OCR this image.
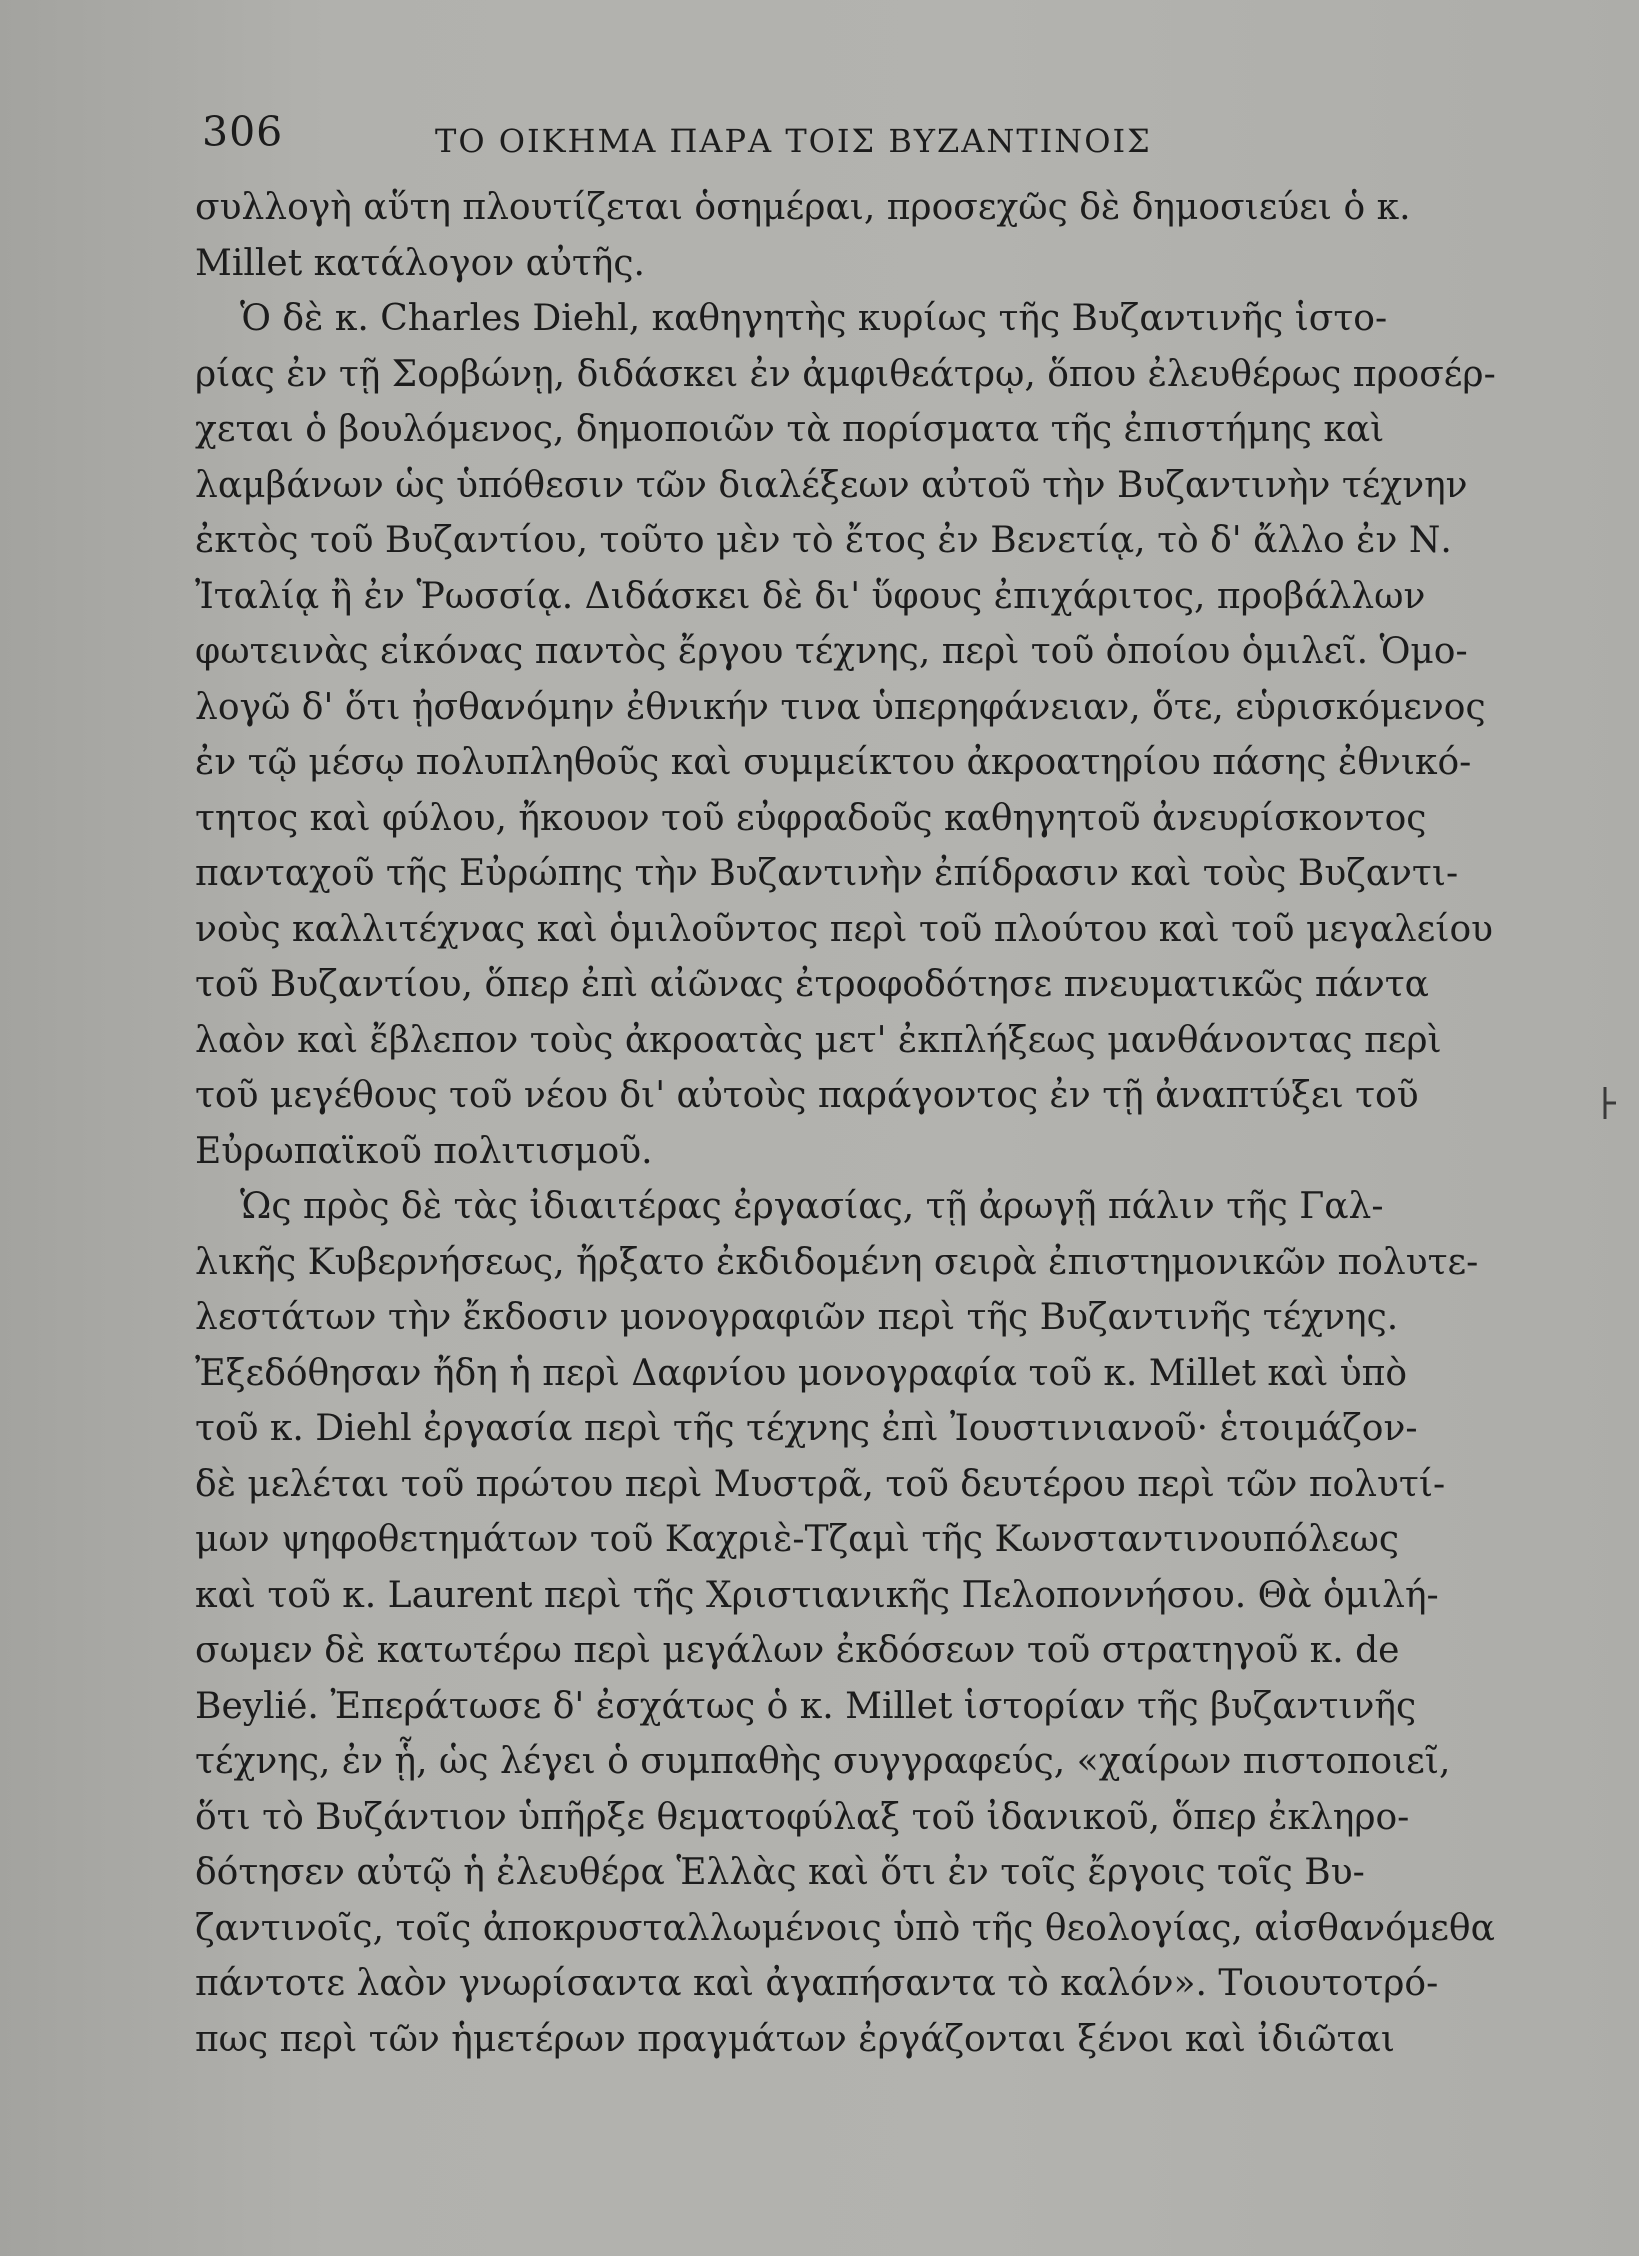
306	ΤΟ ΟΙΚΗΜΑ ΠΑΡΑ ΤΟΙΣ ΒΥΖΑΝΤΙΝΟΙΣ
συλλογὴ αὕτη πλουτίζεται ὁσημέραι, προσεχῶς δὲ δημοσιεύει ὁ κ.
Millet κατάλογον αὐτῆς.
Ὁ δὲ κ. Charles Diehl, καθηγητὴς κυρίως τῆς Βυζαντινῆς ἱστο-
ρίας ἐν τῇ Σορβώνῃ, διδάσκει ἐν ἀμφιθεάτρῳ, ὅπου ἐλευθέρως προσέρ-
χεται ὁ βουλόμενος, δημοποιῶν τὰ πορίσματα τῆς ἐπιστήμης καὶ
λαμβάνων ὡς ὑπόθεσιν τῶν διαλέξεων αὐτοῦ τὴν Βυζαντινὴν τέχνην
ἐκτὸς τοῦ Βυζαντίου, τοῦτο μὲν τὸ ἔτος ἐν Βενετίᾳ, τὸ δ' ἄλλο ἐν Ν.
Ἰταλίᾳ ἢ ἐν Ῥωσσίᾳ. Διδάσκει δὲ δι' ὕφους ἐπιχάριτος, προβάλλων
φωτεινὰς εἰκόνας παντὸς ἔργου τέχνης, περὶ τοῦ ὁποίου ὁμιλεῖ. Ὁμο-
λογῶ δ' ὅτι ᾐσθανόμην ἐθνικήν τινα ὑπερηφάνειαν, ὅτε, εὑρισκόμενος
ἐν τῷ μέσῳ πολυπληθοῦς καὶ συμμείκτου ἀκροατηρίου πάσης ἐθνικό-
τητος καὶ φύλου, ἤκουον τοῦ εὐφραδοῦς καθηγητοῦ ἀνευρίσκοντος
πανταχοῦ τῆς Εὐρώπης τὴν Βυζαντινὴν ἐπίδρασιν καὶ τοὺς Βυζαντι-
νοὺς καλλιτέχνας καὶ ὁμιλοῦντος περὶ τοῦ πλούτου καὶ τοῦ μεγαλείου
τοῦ Βυζαντίου, ὅπερ ἐπὶ αἰῶνας ἐτροφοδότησε πνευματικῶς πάντα
λαὸν καὶ ἔβλεπον τοὺς ἀκροατὰς μετ' ἐκπλήξεως μανθάνοντας περὶ
τοῦ μεγέθους τοῦ νέου δι' αὐτοὺς παράγοντος ἐν τῇ ἀναπτύξει τοῦ
Εὐρωπαϊκοῦ πολιτισμοῦ.
Ὡς πρὸς δὲ τὰς ἰδιαιτέρας ἐργασίας, τῇ ἀρωγῇ πάλιν τῆς Γαλ-
λικῆς Κυβερνήσεως, ἤρξατο ἐκδιδομένη σειρὰ ἐπιστημονικῶν πολυτε-
λεστάτων τὴν ἔκδοσιν μονογραφιῶν περὶ τῆς Βυζαντινῆς τέχνης.
Ἐξεδόθησαν ἤδη ἡ περὶ Δαφνίου μονογραφία τοῦ κ. Millet καὶ ὑπὸ
τοῦ κ. Diehl ἐργασία περὶ τῆς τέχνης ἐπὶ Ἰουστινιανοῦ· ἑτοιμάζον-
δὲ μελέται τοῦ πρώτου περὶ Μυστρᾶ, τοῦ δευτέρου περὶ τῶν πολυτί-
μων ψηφοθετημάτων τοῦ Καχριὲ-Τζαμὶ τῆς Κωνσταντινουπόλεως
καὶ τοῦ κ. Laurent περὶ τῆς Χριστιανικῆς Πελοποννήσου. Θὰ ὁμιλή-
σωμεν δὲ κατωτέρω περὶ μεγάλων ἐκδόσεων τοῦ στρατηγοῦ κ. de
Beylié. Ἐπεράτωσε δ' ἐσχάτως ὁ κ. Millet ἱστορίαν τῆς βυζαντινῆς
τέχνης, ἐν ᾗ, ὡς λέγει ὁ συμπαθὴς συγγραφεύς, «χαίρων πιστοποιεῖ,
ὅτι τὸ Βυζάντιον ὑπῆρξε θεματοφύλαξ τοῦ ἰδανικοῦ, ὅπερ ἐκληρο-
δότησεν αὐτῷ ἡ ἐλευθέρα Ἑλλὰς καὶ ὅτι ἐν τοῖς ἔργοις τοῖς Βυ-
ζαντινοῖς, τοῖς ἀποκρυσταλλωμένοις ὑπὸ τῆς θεολογίας, αἰσθανόμεθα
πάντοτε λαὸν γνωρίσαντα καὶ ἀγαπήσαντα τὸ καλόν». Τοιουτοτρό-
πως περὶ τῶν ἡμετέρων πραγμάτων ἐργάζονται ξένοι καὶ ἰδιῶται
